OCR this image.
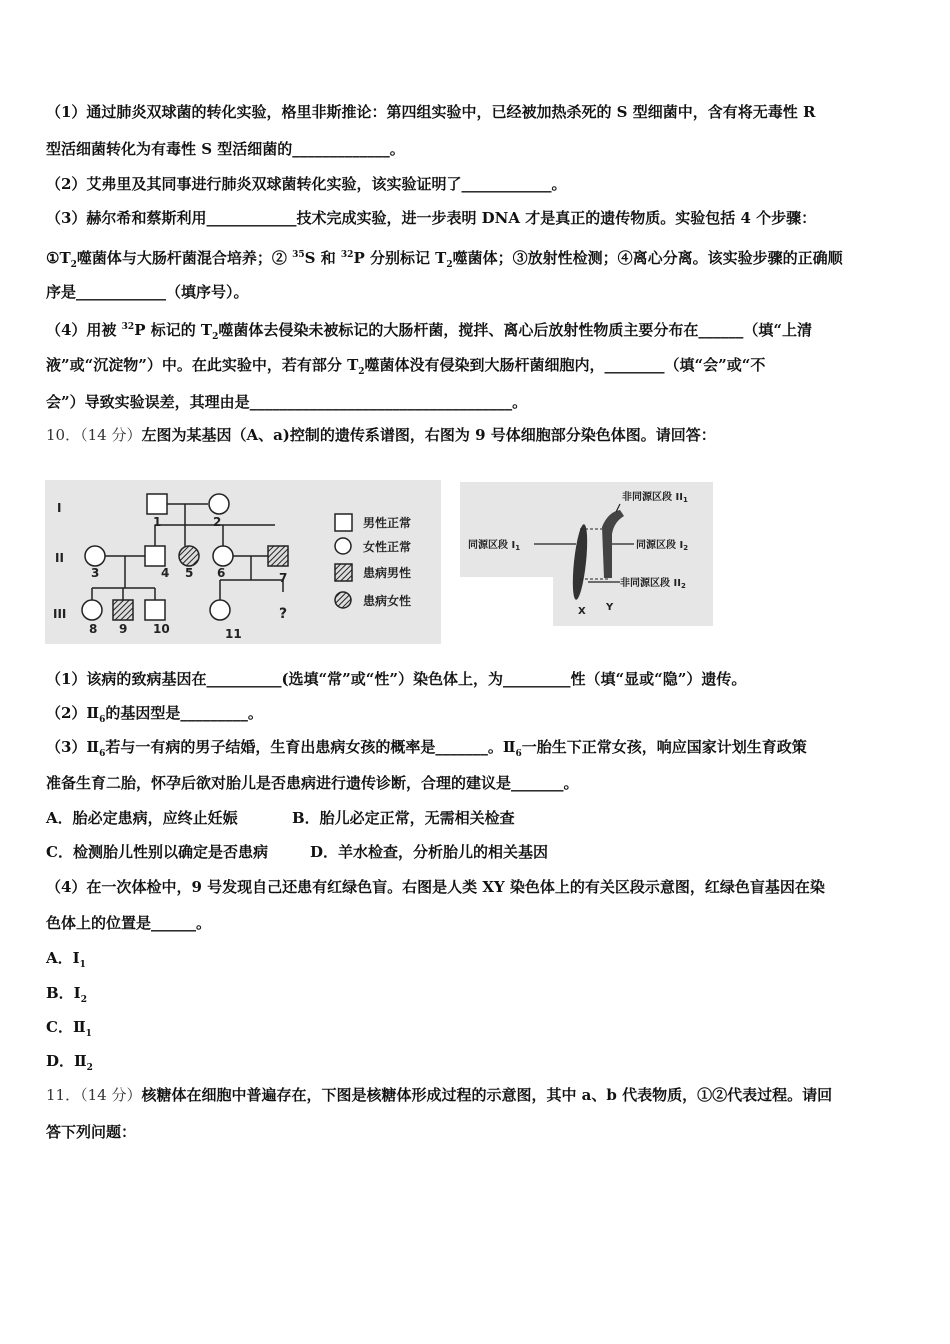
（1）通过肺炎双球菌的转化实验，格里非斯推论：第四组实验中，已经被加热杀死的 S 型细菌中，含有将无毒性 R
型活细菌转化为有毒性 S 型活细菌的_____________。
（2）艾弗里及其同事进行肺炎双球菌转化实验，该实验证明了____________。
（3）赫尔希和蔡斯利用____________技术完成实验，进一步表明 DNA 才是真正的遗传物质。实验包括 4 个步骤：
$①T_2$噬菌体与大肠杆菌混合培养；② $^{35}$S 和 $^{32}$P 分别标记 $T_2$噬菌体；③放射性检测；④离心分离。该实验步骤的正确顺
序是____________（填序号）。
（4）用被 $^{32}$P 标记的 $T_2$噬菌体去侵染未被标记的大肠杆菌，搅拌、离心后放射性物质主要分布在______（填“上清
液”或“沉淀物”）中。在此实验中，若有部分 $T_2$噬菌体没有侵染到大肠杆菌细胞内，________（填“会”或“不
会”）导致实验误差，其理由是___________________________________。
10．（14 分）左图为某基因（A、a)控制的遗传系谱图，右图为 9 号体细胞部分染色体图。请回答：
I
II
III
1	2
3	4 5 6	7
8 9 10	11
?
男性正常
女性正常
患病男性
患病女性
同源区段 $I_1$
非同源区段 $II_1$
同源区段 $I_2$
非同源区段 $II_2$
X Y
（1）该病的致病基因在__________(选填“常”或“性”）染色体上，为_________性（填“显或“隐”）遗传。
$(2)Ⅱ_6$的基因型是_________。
$(3)Ⅱ_6$若与一有病的男子结婚，生育出患病女孩的概率是_______。$Ⅱ_6$一胎生下正常女孩，响应国家计划生育政策
准备生育二胎，怀孕后欲对胎儿是否患病进行遗传诊断，合理的建议是_______。
A．胎必定患病，应终止妊娠	B．胎儿必定正常，无需相关检查
C．检测胎儿性别以确定是否患病	D．羊水检查，分析胎儿的相关基因
（4）在一次体检中，9 号发现自己还患有红绿色盲。右图是人类 XY 染色体上的有关区段示意图，红绿色盲基因在染
色体上的位置是______。
A．$I_1$
B．$I_2$
C．$Ⅱ_1$
D．$Ⅱ_2$
11．（14 分）核糖体在细胞中普遍存在，下图是核糖体形成过程的示意图，其中 a、b 代表物质，①②代表过程。请回
答下列问题：
